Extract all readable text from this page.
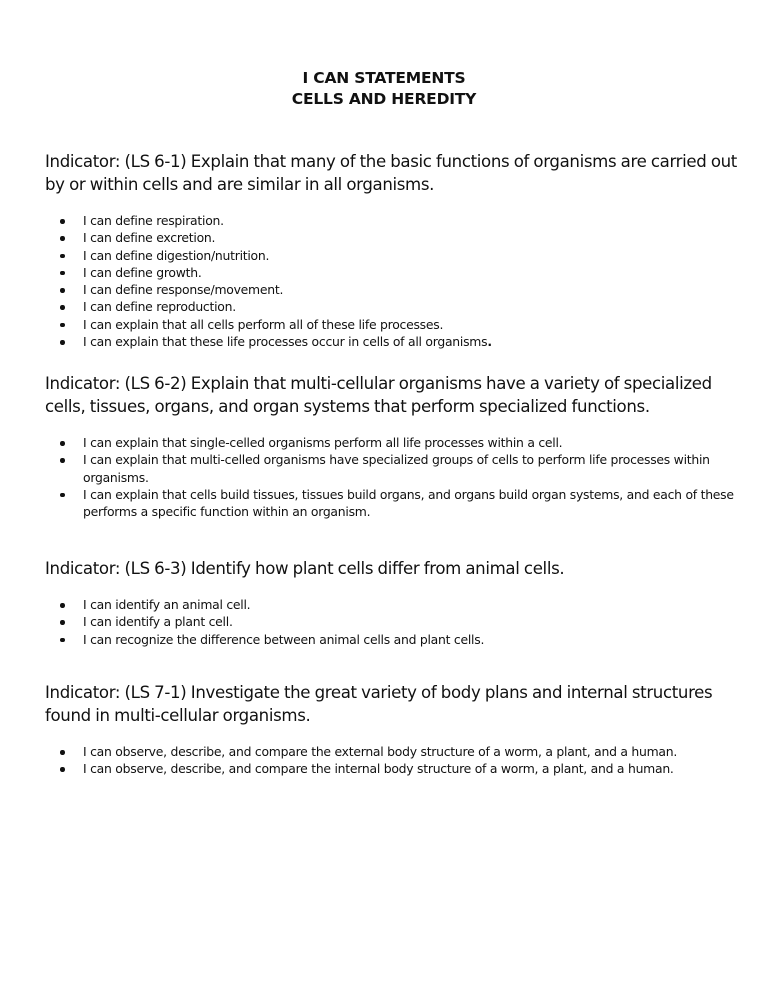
I CAN STATEMENTS
CELLS AND HEREDITY

Indicator: (LS 6-1) Explain that many of the basic functions of organisms are carried out by or within cells and are similar in all organisms.

I can define respiration.
I can define excretion.
I can define digestion/nutrition.
I can define growth.
I can define response/movement.
I can define reproduction.
I can explain that all cells perform all of these life processes.
I can explain that these life processes occur in cells of all organisms.

Indicator: (LS 6-2) Explain that multi-cellular organisms have a variety of specialized cells, tissues, organs, and organ systems that perform specialized functions.

I can explain that single-celled organisms perform all life processes within a cell.
I can explain that multi-celled organisms have specialized groups of cells to perform life processes within organisms.
I can explain that cells build tissues, tissues build organs, and organs build organ systems, and each of these performs a specific function within an organism.

Indicator: (LS 6-3) Identify how plant cells differ from animal cells.

I can identify an animal cell.
I can identify a plant cell.
I can recognize the difference between animal cells and plant cells.

Indicator: (LS 7-1) Investigate the great variety of body plans and internal structures found in multi-cellular organisms.

I can observe, describe, and compare the external body structure of a worm, a plant, and a human.
I can observe, describe, and compare the internal body structure of a worm, a plant, and a human.
